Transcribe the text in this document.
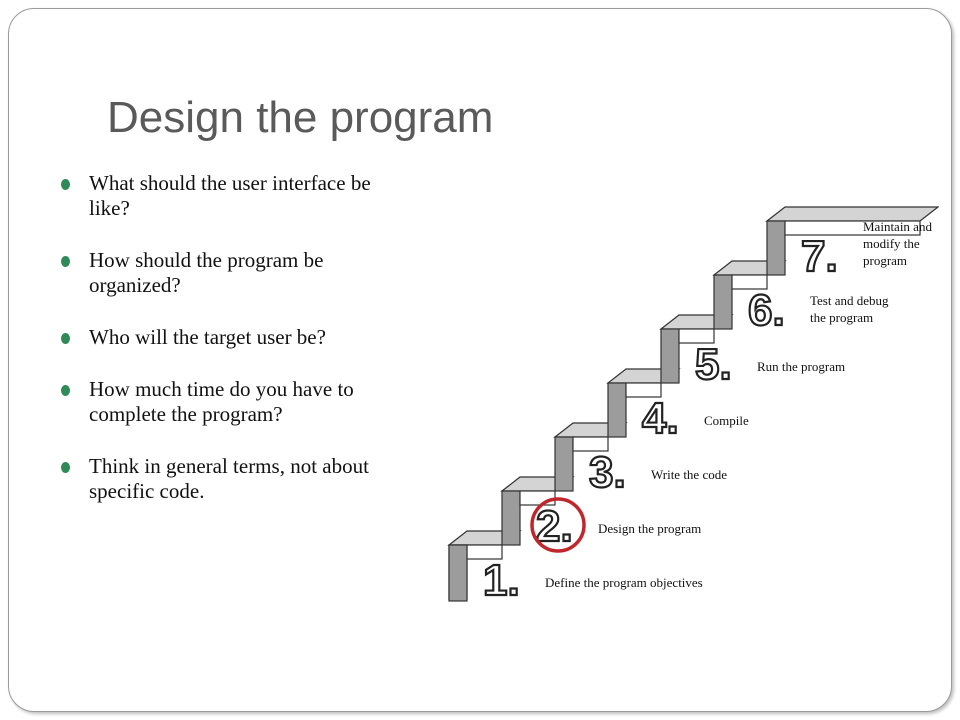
Design the program
What should the user interface be like?
How should the program be organized?
Who will the target user be?
How much time do you have to complete the program?
Think in general terms, not about specific code.
1. Define the program objectives
2. Design the program
3. Write the code
4. Compile
5. Run the program
6. Test and debug
the program
7.
Maintain and
modify the
program
